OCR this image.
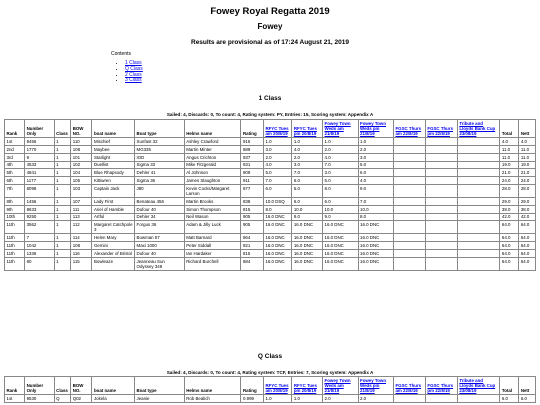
Fowey Royal Regatta 2019
Fowey
Results are provisional as of 17:24 August 21, 2019
Contents
• 1 Class
• Q Class
• 2 Class
• 3 Class
1 Class
Sailed: 4, Discards: 0, To count: 4, Rating system: PY, Entries: 15, Scoring system: Appendix A
Rank	Number Only	Class	BOW NO.	boat name	Boat type	Helms name	Rating	RFYC Tues am 20/8/19	RFYC Tues pm 20/8/19	Fowey Town Weds am 21/8/19	Fowey Town Weds pm 21/8/19	FGSC Thurs am 22/8/19	FGSC Thurs pm 22/8/19	Tribute and Lloyds Bank Cup 23/08/19	Total	Nett
1st	9456	1	110	Mischief	Sunfast 32	Ashley Crawford	916	1.0	1.0	1.0	1.0				4.0	4.0
2nd	1770	1	108	Maybee	MG335	Martin Minter	889	3.0	4.0	2.0	2.0				11.0	11.0
3rd	9	1	101	Starlight	IOD	Angus Crichton	937	2.0	2.0	4.0	3.0				11.0	11.0
4th	4533	1	102	Duellist	Sigma 33	Mike Fitzgerald	931	4.0	3.0	7.0	5.0				19.0	19.0
5th	4841	1	104	Blue Rhapsody	Dehler 41	Al Johnson	809	5.0	7.0	3.0	6.0				21.0	21.0
6th	1177	1	105	Kittiwren	Sigma 36	James Slaughton	911	7.0	6.0	5.0	4.0				24.0	24.0
7th	8098	1	103	Captain Jack	J80	Kevin Cocks/Margaret Larson	877	6.0	5.0	8.0	9.0				28.0	28.0
8th	1456	1	107	Lady First	Benateau 456	Martin Brooks	838	10.0 DSQ	6.0	6.0	7.0				29.0	29.0
9th	8633	1	111	Ariel of Hamble	Dufour 40	Simon Thompson	815	8.0	10.0	10.0	10.0				38.0	38.0
10th	9250	1	113	Artful	Dehler 34	Neil Wason	905	16.0 DNC	9.0	9.0	8.0				42.0	42.0
11th	3562	1	112	Margaret Catchpole 3	Forgus 36	Adam & Jilly Luck	905	16.0 DNC	16.0 DNC	16.0 DNC	16.0 DNC				64.0	64.0
11th	7	1	114	Helen Mary	Bowman 57	Matt Barnard	864	16.0 DNC	16.0 DNC	16.0 DNC	16.0 DNC				64.0	64.0
11th	1042	1	108	Gemini	Maxi 1000	Peter Siddall	921	16.0 DNC	16.0 DNC	16.0 DNC	16.0 DNC				64.0	64.0
11th	1336	1	116	Alexander of Bristol	Dufour 40	Ian Hardaker	815	16.0 DNC	16.0 DNC	16.0 DNC	16.0 DNC				64.0	64.0
11th	80	1	115	Bowleaze	Jeanneau Sun Odyssey 349	Richard Burchell	884	16.0 DNC	16.0 DNC	16.0 DNC	16.0 DNC				64.0	64.0
Q Class
Sailed: 4, Discards: 0, To count: 4, Rating system: TCF, Entries: 7, Scoring system: Appendix A
Rank	Number Only	Class	BOW NO.	boat name	Boat type	Helms name	Rating	RFYC Tues am 20/8/19	RFYC Tues pm 20/8/19	Fowey Town Weds am 21/8/19	Fowey Town Weds pm 21/8/19	FGSC Thurs am 22/8/19	FGSC Thurs pm 22/8/19	Tribute and Lloyds Bank Cup 23/08/19	Total	Nett
1st	9530	Q	Q02	Jokela	Jeanie	Rob Bealich	0.999	1.0	1.0	2.0	2.0				6.0	6.0
